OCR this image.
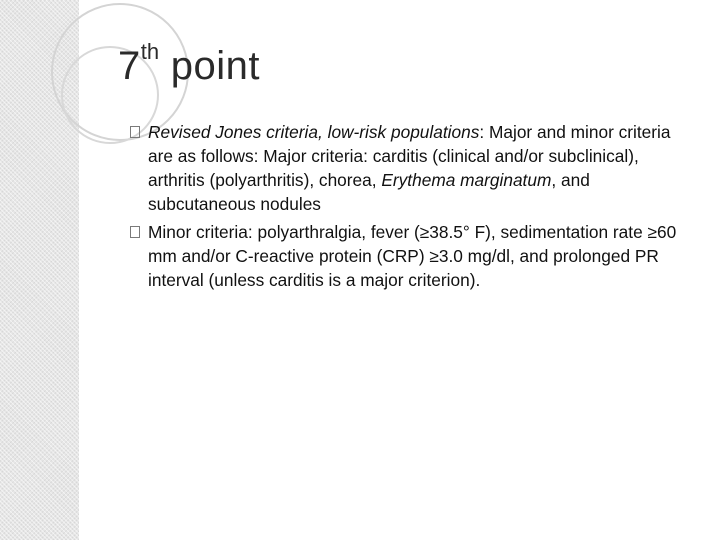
7th point

Revised Jones criteria, low-risk populations: Major and minor criteria are as follows: Major criteria: carditis (clinical and/or subclinical), arthritis (polyarthritis), chorea, Erythema marginatum, and subcutaneous nodules

Minor criteria: polyarthralgia, fever (≥38.5° F), sedimentation rate ≥60 mm and/or C-reactive protein (CRP) ≥3.0 mg/dl, and prolonged PR interval (unless carditis is a major criterion).
